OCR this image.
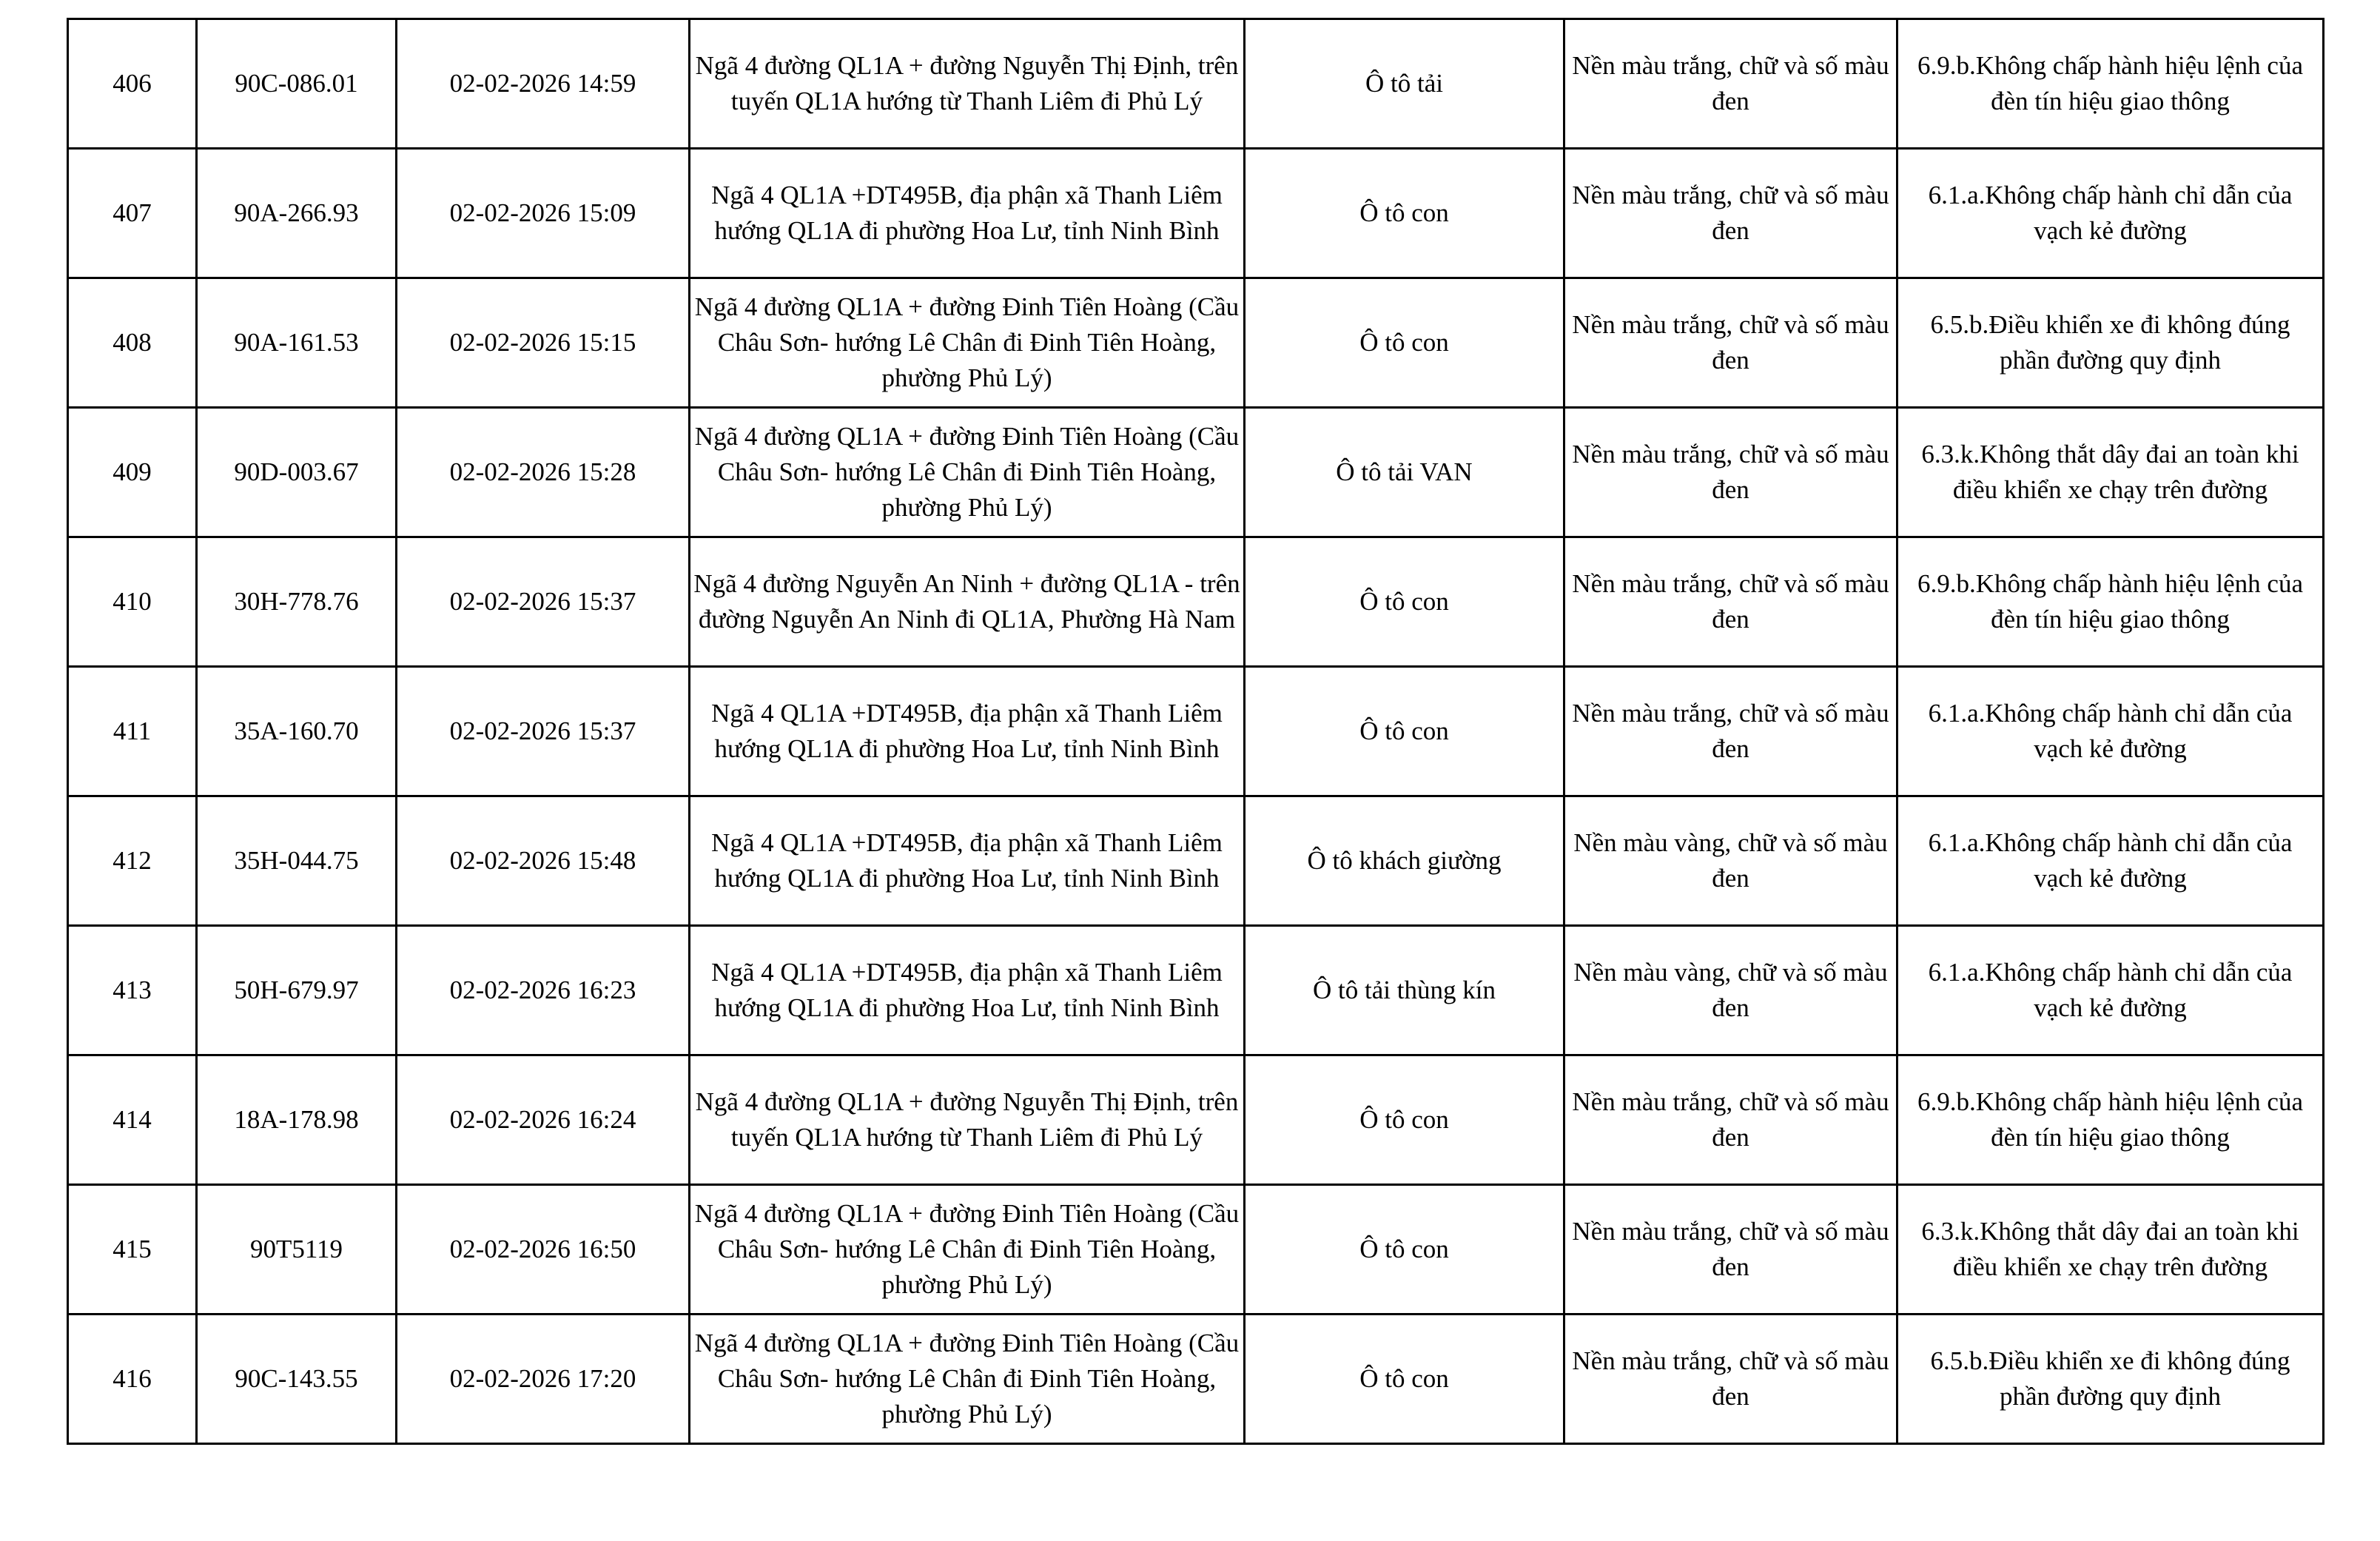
406	90C-086.01	02-02-2026 14:59	Ngã 4 đường QL1A + đường Nguyễn Thị Định, trên tuyến QL1A hướng từ Thanh Liêm đi Phủ Lý	Ô tô tải	Nền màu trắng, chữ và số màu đen	6.9.b.Không chấp hành hiệu lệnh của đèn tín hiệu giao thông
407	90A-266.93	02-02-2026 15:09	Ngã 4 QL1A +DT495B, địa phận xã Thanh Liêm hướng QL1A đi phường Hoa Lư, tỉnh Ninh Bình	Ô tô con	Nền màu trắng, chữ và số màu đen	6.1.a.Không chấp hành chỉ dẫn của vạch kẻ đường
408	90A-161.53	02-02-2026 15:15	Ngã 4 đường QL1A + đường Đinh Tiên Hoàng (Cầu Châu Sơn- hướng Lê Chân đi Đinh Tiên Hoàng, phường Phủ Lý)	Ô tô con	Nền màu trắng, chữ và số màu đen	6.5.b.Điều khiển xe đi không đúng phần đường quy định
409	90D-003.67	02-02-2026 15:28	Ngã 4 đường QL1A + đường Đinh Tiên Hoàng (Cầu Châu Sơn- hướng Lê Chân đi Đinh Tiên Hoàng, phường Phủ Lý)	Ô tô tải VAN	Nền màu trắng, chữ và số màu đen	6.3.k.Không thắt dây đai an toàn khi điều khiển xe chạy trên đường
410	30H-778.76	02-02-2026 15:37	Ngã 4 đường Nguyễn An Ninh + đường QL1A - trên đường Nguyễn An Ninh đi QL1A, Phường Hà Nam	Ô tô con	Nền màu trắng, chữ và số màu đen	6.9.b.Không chấp hành hiệu lệnh của đèn tín hiệu giao thông
411	35A-160.70	02-02-2026 15:37	Ngã 4 QL1A +DT495B, địa phận xã Thanh Liêm hướng QL1A đi phường Hoa Lư, tỉnh Ninh Bình	Ô tô con	Nền màu trắng, chữ và số màu đen	6.1.a.Không chấp hành chỉ dẫn của vạch kẻ đường
412	35H-044.75	02-02-2026 15:48	Ngã 4 QL1A +DT495B, địa phận xã Thanh Liêm hướng QL1A đi phường Hoa Lư, tỉnh Ninh Bình	Ô tô khách giường	Nền màu vàng, chữ và số màu đen	6.1.a.Không chấp hành chỉ dẫn của vạch kẻ đường
413	50H-679.97	02-02-2026 16:23	Ngã 4 QL1A +DT495B, địa phận xã Thanh Liêm hướng QL1A đi phường Hoa Lư, tỉnh Ninh Bình	Ô tô tải thùng kín	Nền màu vàng, chữ và số màu đen	6.1.a.Không chấp hành chỉ dẫn của vạch kẻ đường
414	18A-178.98	02-02-2026 16:24	Ngã 4 đường QL1A + đường Nguyễn Thị Định, trên tuyến QL1A hướng từ Thanh Liêm đi Phủ Lý	Ô tô con	Nền màu trắng, chữ và số màu đen	6.9.b.Không chấp hành hiệu lệnh của đèn tín hiệu giao thông
415	90T5119	02-02-2026 16:50	Ngã 4 đường QL1A + đường Đinh Tiên Hoàng (Cầu Châu Sơn- hướng Lê Chân đi Đinh Tiên Hoàng, phường Phủ Lý)	Ô tô con	Nền màu trắng, chữ và số màu đen	6.3.k.Không thắt dây đai an toàn khi điều khiển xe chạy trên đường
416	90C-143.55	02-02-2026 17:20	Ngã 4 đường QL1A + đường Đinh Tiên Hoàng (Cầu Châu Sơn- hướng Lê Chân đi Đinh Tiên Hoàng, phường Phủ Lý)	Ô tô con	Nền màu trắng, chữ và số màu đen	6.5.b.Điều khiển xe đi không đúng phần đường quy định
